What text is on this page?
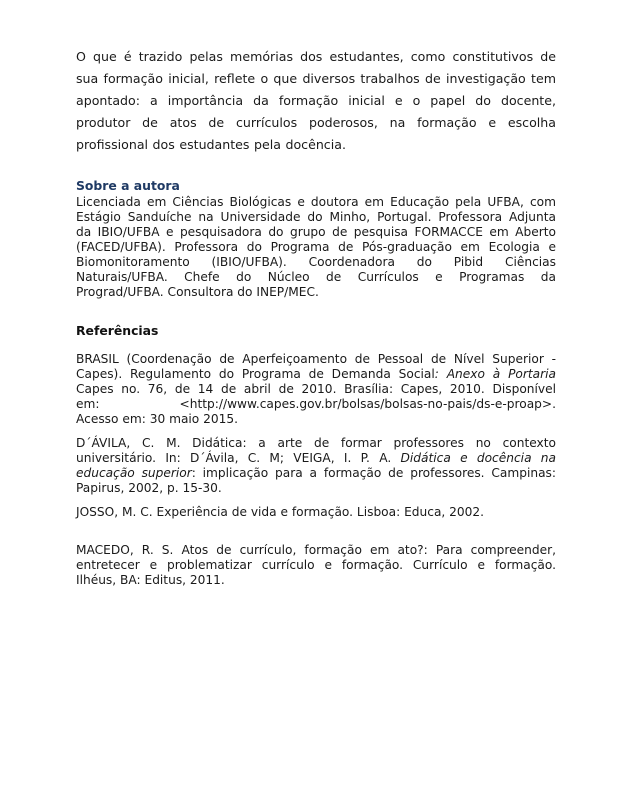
O que é trazido pelas memórias dos estudantes, como constitutivos de
sua formação inicial, reflete o que diversos trabalhos de investigação tem
apontado: a importância da formação inicial e o papel do docente,
produtor de atos de currículos poderosos, na formação e escolha
profissional dos estudantes pela docência.
Sobre a autora
Licenciada em Ciências Biológicas e doutora em Educação pela UFBA, com
Estágio Sanduíche na Universidade do Minho, Portugal. Professora Adjunta
da IBIO/UFBA e pesquisadora do grupo de pesquisa FORMACCE em Aberto
(FACED/UFBA). Professora do Programa de Pós-graduação em Ecologia e
Biomonitoramento (IBIO/UFBA). Coordenadora do Pibid Ciências
Naturais/UFBA. Chefe do Núcleo de Currículos e Programas da
Prograd/UFBA. Consultora do INEP/MEC.
Referências
BRASIL (Coordenação de Aperfeiçoamento de Pessoal de Nível Superior -
Capes). Regulamento do Programa de Demanda Social: Anexo à Portaria
Capes no. 76, de 14 de abril de 2010. Brasília: Capes, 2010. Disponível
em:        <http://www.capes.gov.br/bolsas/bolsas-no-pais/ds-e-proap>.
Acesso em: 30 maio 2015.
D´ÁVILA, C. M. Didática: a arte de formar professores no contexto
universitário. In: D´Ávila, C. M; VEIGA, I. P. A. Didática e docência na
educação superior: implicação para a formação de professores. Campinas:
Papirus, 2002, p. 15-30.
JOSSO, M. C. Experiência de vida e formação. Lisboa: Educa, 2002.
MACEDO, R. S. Atos de currículo, formação em ato?: Para compreender,
entretecer e problematizar currículo e formação. Currículo e formação.
Ilhéus, BA: Editus, 2011.
